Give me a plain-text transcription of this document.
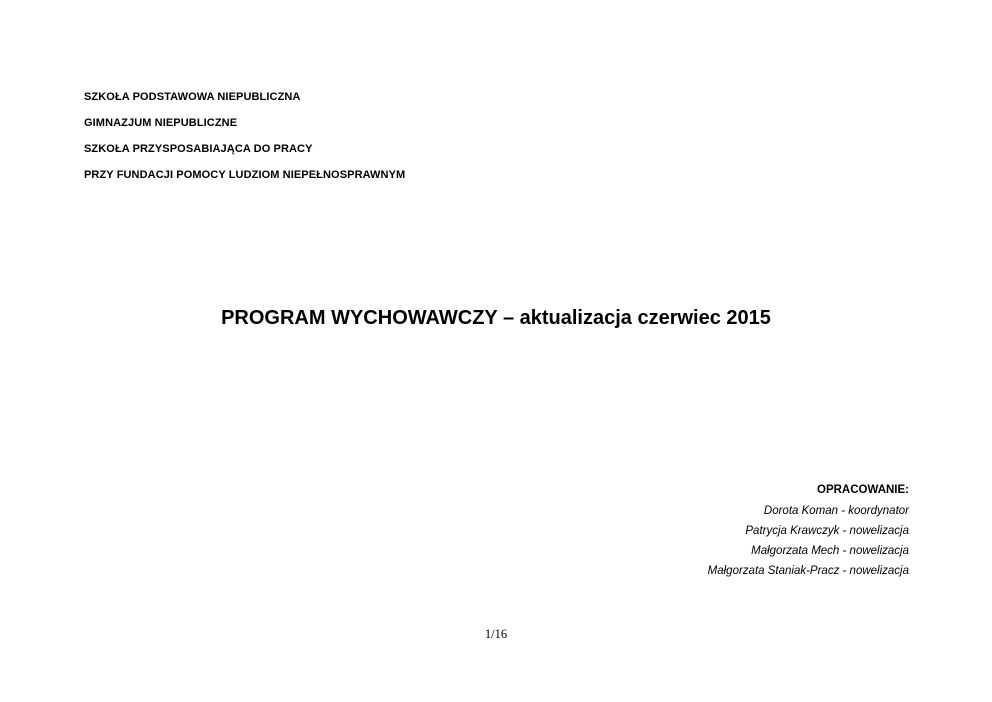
SZKOŁA PODSTAWOWA NIEPUBLICZNA
GIMNAZJUM NIEPUBLICZNE
SZKOŁA PRZYSPOSABIAJĄCA DO PRACY
PRZY FUNDACJI POMOCY LUDZIOM NIEPEŁNOSPRAWNYM
PROGRAM WYCHOWAWCZY – aktualizacja czerwiec 2015
OPRACOWANIE:
Dorota Koman - koordynator
Patrycja Krawczyk - nowelizacja
Małgorzata Mech - nowelizacja
Małgorzata Staniak-Pracz - nowelizacja
1/16
